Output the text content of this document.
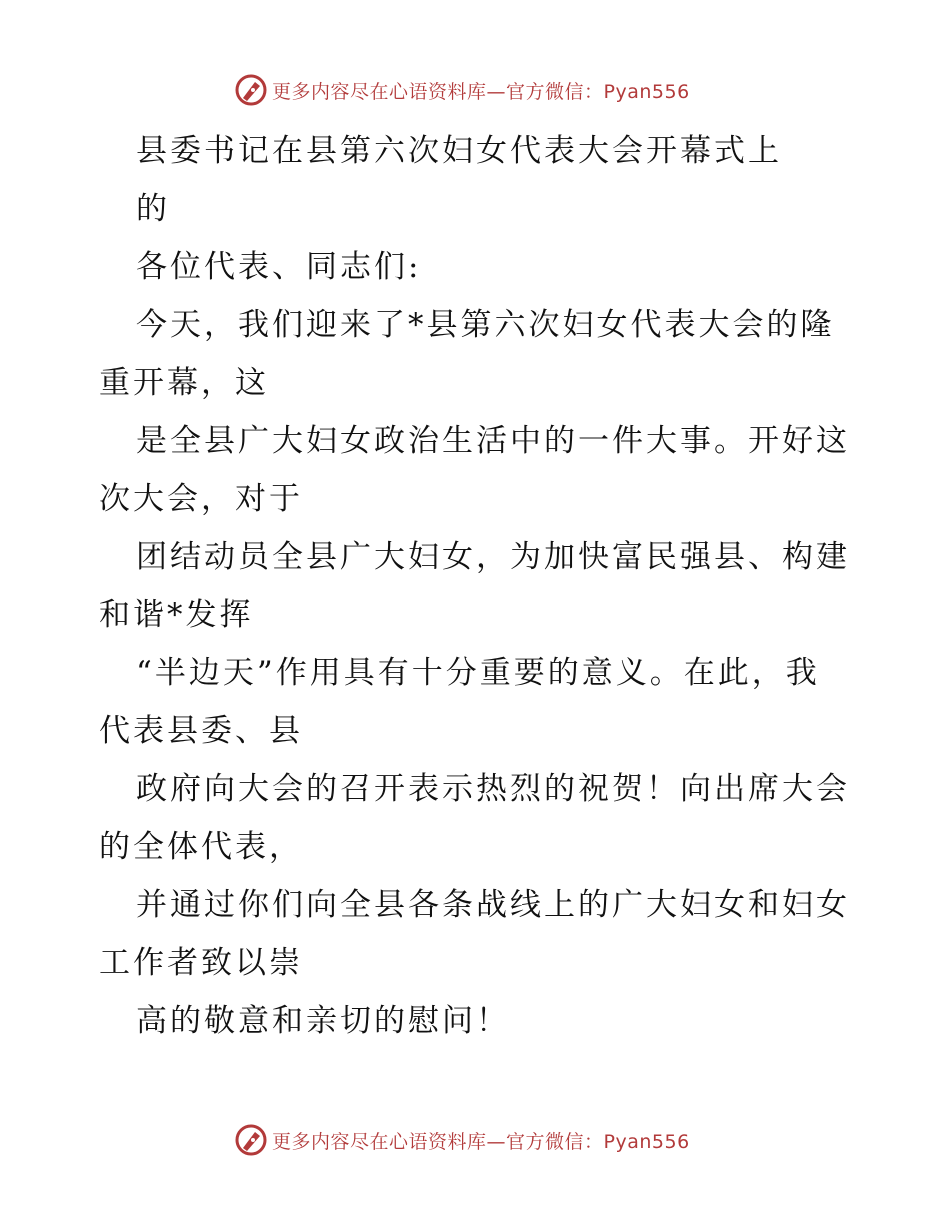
更多内容尽在心语资料库—官方微信：Pyan556
县委书记在县第六次妇女代表大会开幕式上
的
各位代表、同志们:
今天，我们迎来了*县第六次妇女代表大会的隆
重开幕，这
是全县广大妇女政治生活中的一件大事。开好这
次大会，对于
团结动员全县广大妇女，为加快富民强县、构建
和谐*发挥
“半边天”作用具有十分重要的意义。在此，我
代表县委、县
政府向大会的召开表示热烈的祝贺！向出席大会
的全体代表，
并通过你们向全县各条战线上的广大妇女和妇女
工作者致以崇
高的敬意和亲切的慰问！
更多内容尽在心语资料库—官方微信：Pyan556
